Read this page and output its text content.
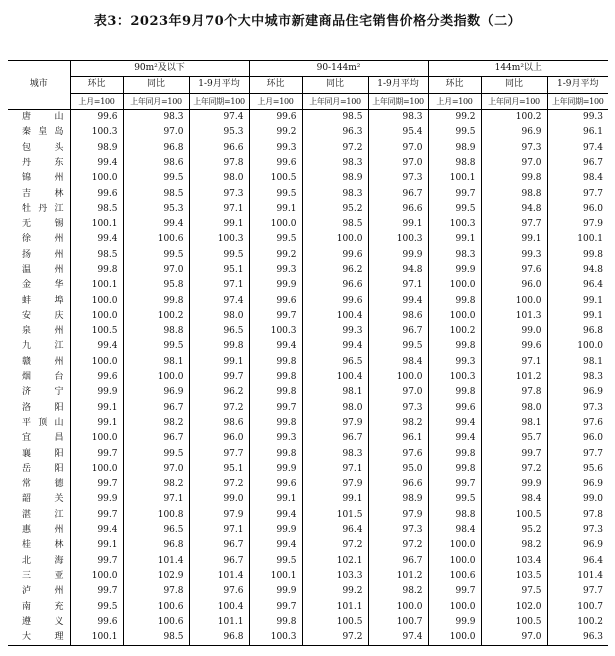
表3：2023年9月70个大中城市新建商品住宅销售价格分类指数（二）
城市	90m²及以下			90-144m²			144m²以上		
	环比	同比	1-9月平均	环比	同比	1-9月平均	环比	同比	1-9月平均
	上月=100	上年同月=100	上年同期=100	上月=100	上年同月=100	上年同期=100	上月=100	上年同月=100	上年同期=100
唐山	99.6	98.3	97.4	99.6	98.5	98.3	99.2	100.2	99.3
秦皇岛	100.3	97.0	95.3	99.2	96.3	95.4	99.5	96.9	96.1
包头	98.9	96.8	96.6	99.3	97.2	97.0	98.9	97.3	97.4
丹东	99.4	98.6	97.8	99.6	98.3	97.0	98.8	97.0	96.7
锦州	100.0	99.5	98.0	100.5	98.9	97.3	100.1	99.8	98.4
吉林	99.6	98.5	97.3	99.5	98.3	96.7	99.7	98.8	97.7
牡丹江	98.5	95.3	97.1	99.1	95.2	96.6	99.5	94.8	96.0
无锡	100.1	99.4	99.1	100.0	98.5	99.1	100.3	97.7	97.9
徐州	99.4	100.6	100.3	99.5	100.0	100.3	99.1	99.1	100.1
扬州	98.5	99.5	99.5	99.2	99.6	99.9	98.3	99.3	99.8
温州	99.8	97.0	95.1	99.3	96.2	94.8	99.9	97.6	94.8
金华	100.1	95.8	97.1	99.9	96.6	97.1	100.0	96.0	96.4
蚌埠	100.0	99.8	97.4	99.6	99.6	99.4	99.8	100.0	99.1
安庆	100.0	100.2	98.0	99.7	100.4	98.6	100.0	101.3	99.1
泉州	100.5	98.8	96.5	100.3	99.3	96.7	100.2	99.0	96.8
九江	99.4	99.5	99.8	99.4	99.4	99.5	99.8	99.6	100.0
赣州	100.0	98.1	99.1	99.8	96.5	98.4	99.3	97.1	98.1
烟台	99.6	100.0	99.7	99.8	100.4	100.0	100.3	101.2	98.3
济宁	99.9	96.9	96.2	99.8	98.1	97.0	99.8	97.8	96.9
洛阳	99.1	96.7	97.2	99.7	98.0	97.3	99.6	98.0	97.3
平顶山	99.1	98.2	98.6	99.8	97.9	98.2	99.4	98.1	97.6
宜昌	100.0	96.7	96.0	99.3	96.7	96.1	99.4	95.7	96.0
襄阳	99.7	99.5	97.7	99.8	98.3	97.6	99.8	99.7	97.7
岳阳	100.0	97.0	95.1	99.9	97.1	95.0	99.8	97.2	95.6
常德	99.7	98.2	97.2	99.6	97.9	96.6	99.7	99.9	96.9
韶关	99.9	97.1	99.0	99.1	99.1	98.9	99.5	98.4	99.0
湛江	99.7	100.8	97.9	99.4	101.5	97.9	98.8	100.5	97.8
惠州	99.4	96.5	97.1	99.9	96.4	97.3	98.4	95.2	97.3
桂林	99.1	96.8	96.7	99.4	97.2	97.2	100.0	98.2	96.9
北海	99.7	101.4	96.7	99.5	102.1	96.7	100.0	103.4	96.4
三亚	100.0	102.9	101.4	100.1	103.3	101.2	100.6	103.5	101.4
泸州	99.7	97.8	97.6	99.9	99.2	98.2	99.7	97.5	97.7
南充	99.5	100.6	100.4	99.7	101.1	100.0	100.0	102.0	100.7
遵义	99.6	100.6	101.1	99.8	100.5	100.7	99.9	100.5	100.2
大理	100.1	98.5	96.8	100.3	97.2	97.4	100.0	97.0	96.3
